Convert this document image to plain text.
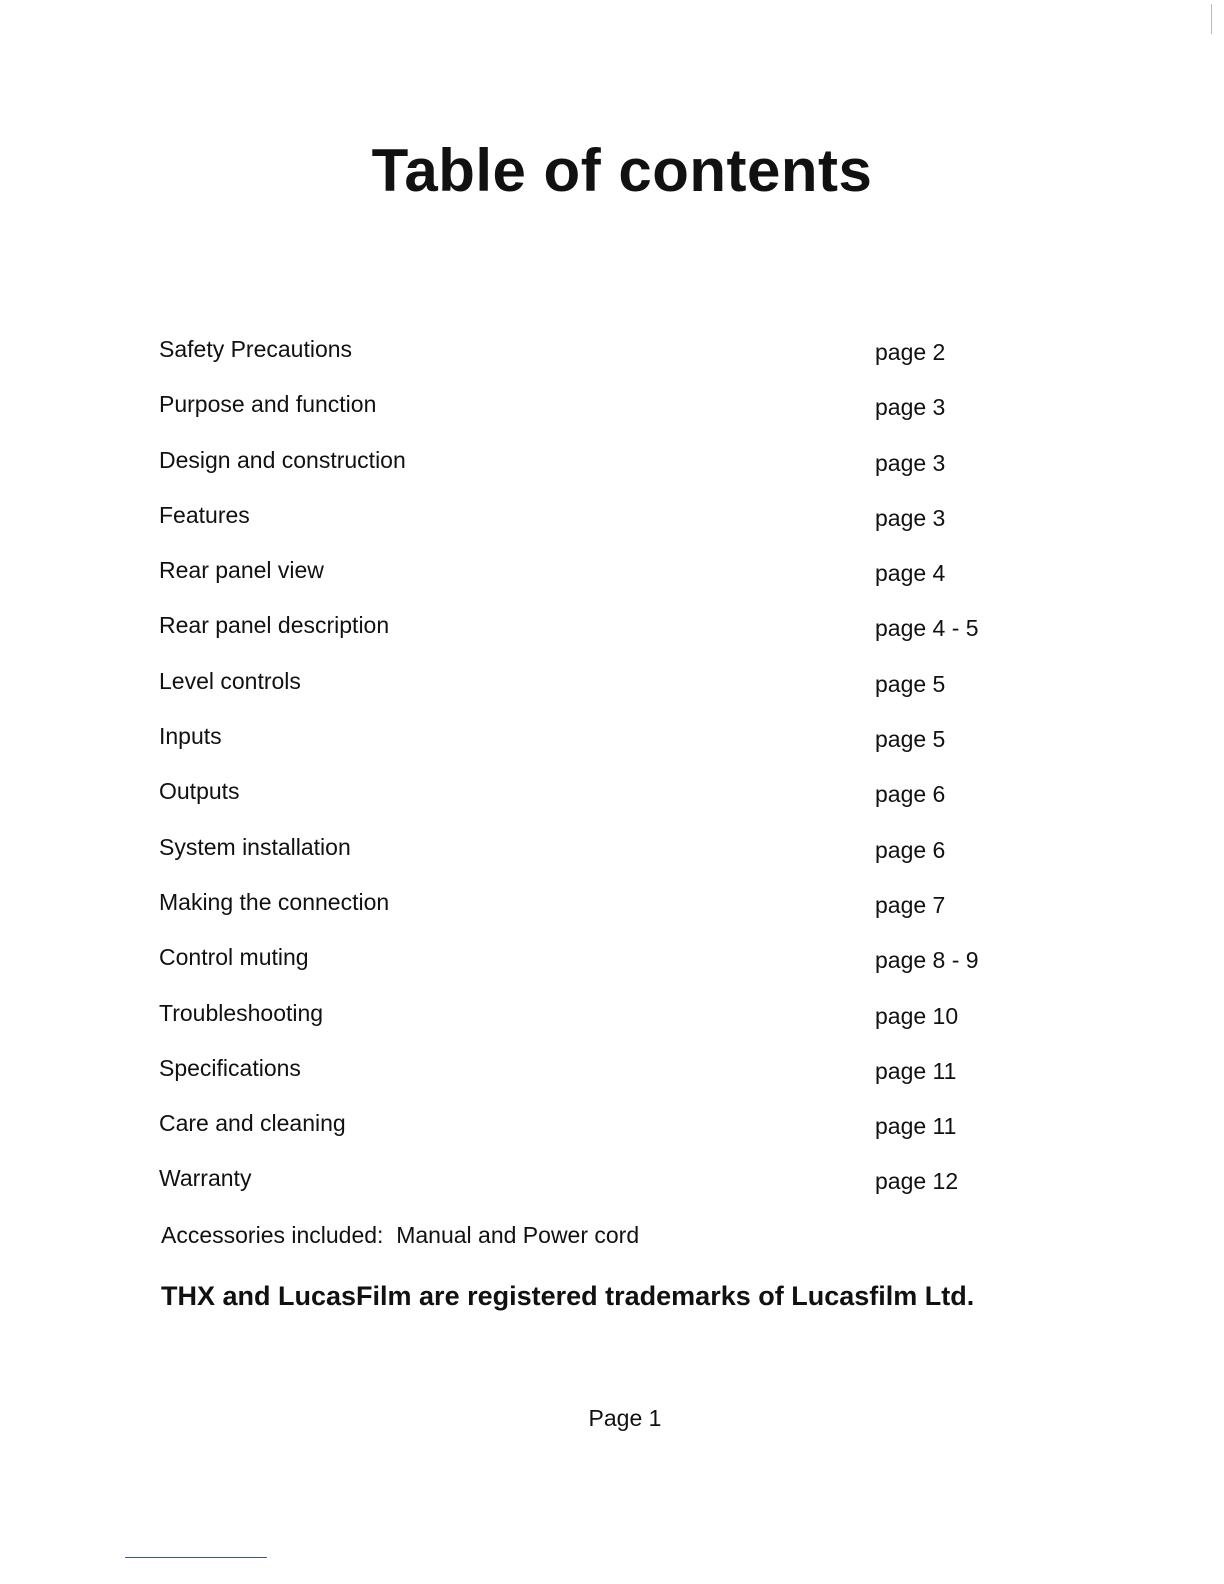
Table of contents
Safety Precautions	page 2
Purpose and function	page 3
Design and construction	page 3
Features	page 3
Rear panel view	page 4
Rear panel description	page 4 - 5
Level controls	page 5
Inputs	page 5
Outputs	page 6
System installation	page 6
Making the connection	page 7
Control muting	page 8 - 9
Troubleshooting	page 10
Specifications	page 11
Care and cleaning	page 11
Warranty	page 12
Accessories included:  Manual and Power cord
THX and LucasFilm are registered trademarks of Lucasfilm Ltd.
Page 1
